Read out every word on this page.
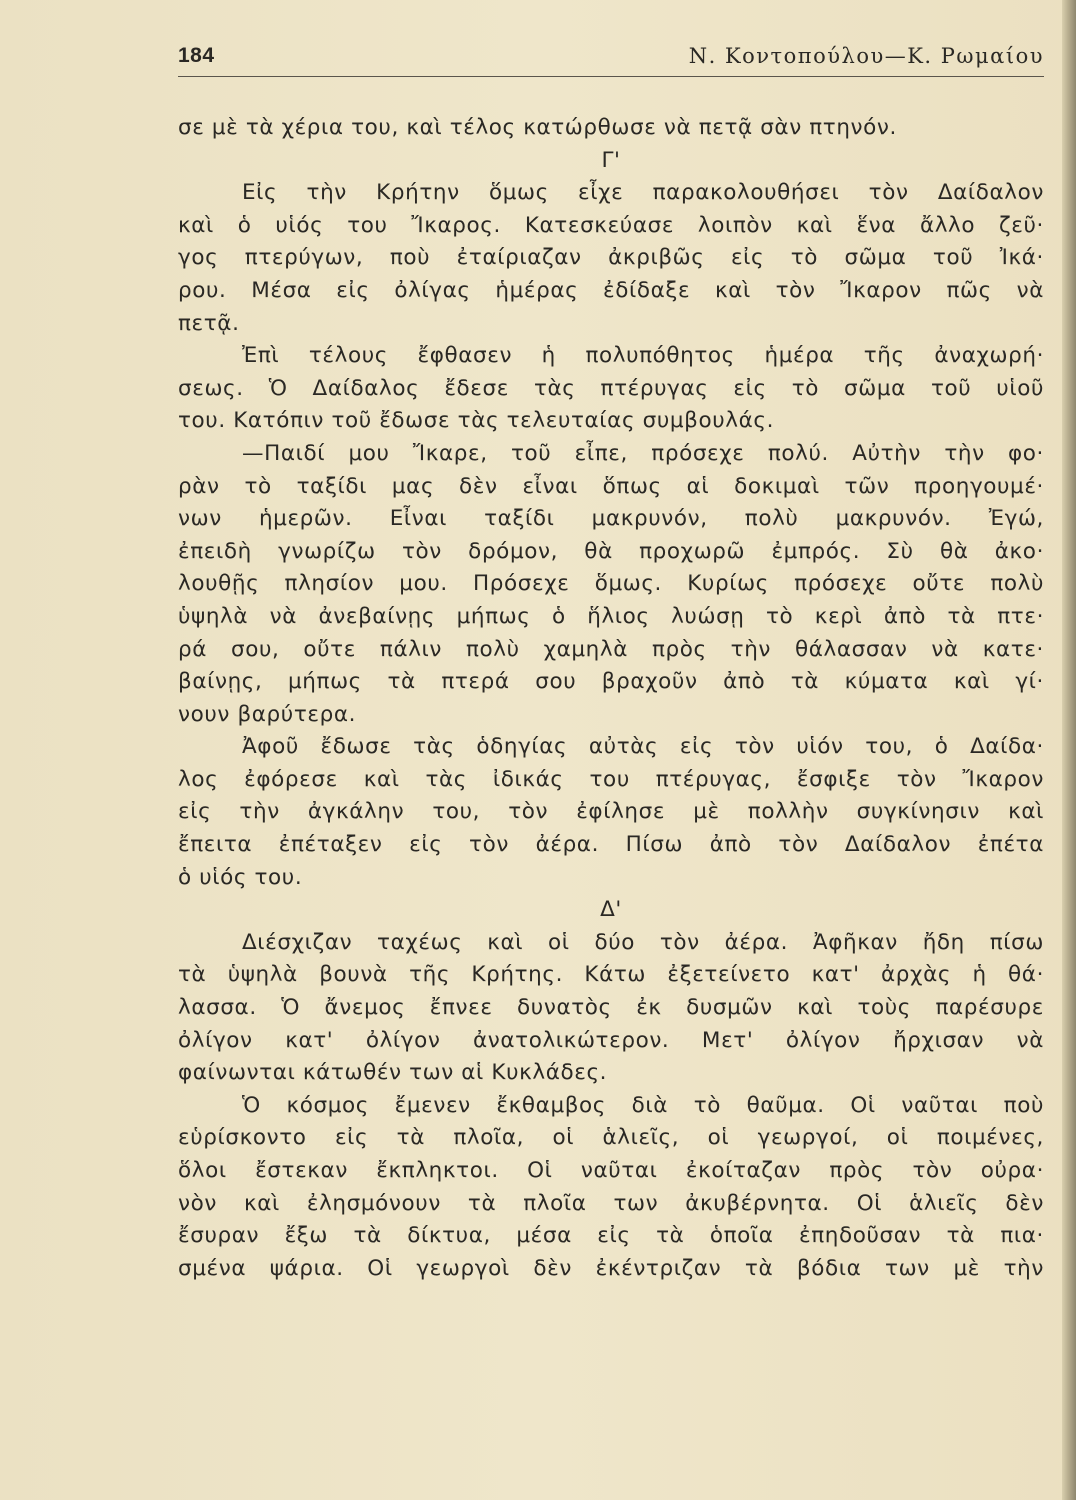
184	Ν. Κοντοπούλου—Κ. Ρωμαίου
σε μὲ τὰ χέρια του, καὶ τέλος κατώρθωσε νὰ πετᾷ σὰν πτηνόν.
Γ'
Εἰς τὴν Κρήτην ὅμως εἶχε παρακολουθήσει τὸν Δαίδαλον
καὶ ὁ υἱός του Ἴκαρος. Κατεσκεύασε λοιπὸν καὶ ἕνα ἄλλο ζεῦ·
γος πτερύγων, ποὺ ἐταίριαζαν ἀκριβῶς εἰς τὸ σῶμα τοῦ Ἰκά·
ρου. Μέσα εἰς ὀλίγας ἡμέρας ἐδίδαξε καὶ τὸν Ἴκαρον πῶς νὰ
πετᾷ.
Ἐπὶ τέλους ἔφθασεν ἡ πολυπόθητος ἡμέρα τῆς ἀναχωρή·
σεως. Ὁ Δαίδαλος ἔδεσε τὰς πτέρυγας εἰς τὸ σῶμα τοῦ υἱοῦ
του. Κατόπιν τοῦ ἔδωσε τὰς τελευταίας συμβουλάς.
—Παιδί μου Ἴκαρε, τοῦ εἶπε, πρόσεχε πολύ. Αὐτὴν τὴν φο·
ρὰν τὸ ταξίδι μας δὲν εἶναι ὅπως αἱ δοκιμαὶ τῶν προηγουμέ·
νων ἡμερῶν. Εἶναι ταξίδι μακρυνόν, πολὺ μακρυνόν. Ἐγώ,
ἐπειδὴ γνωρίζω τὸν δρόμον, θὰ προχωρῶ ἐμπρός. Σὺ θὰ ἀκο·
λουθῇς πλησίον μου. Πρόσεχε ὅμως. Κυρίως πρόσεχε οὔτε πολὺ
ὑψηλὰ νὰ ἀνεβαίνῃς μήπως ὁ ἥλιος λυώσῃ τὸ κερὶ ἀπὸ τὰ πτε·
ρά σου, οὔτε πάλιν πολὺ χαμηλὰ πρὸς τὴν θάλασσαν νὰ κατε·
βαίνῃς, μήπως τὰ πτερά σου βραχοῦν ἀπὸ τὰ κύματα καὶ γί·
νουν βαρύτερα.
Ἀφοῦ ἔδωσε τὰς ὁδηγίας αὐτὰς εἰς τὸν υἱόν του, ὁ Δαίδα·
λος ἐφόρεσε καὶ τὰς ἰδικάς του πτέρυγας, ἔσφιξε τὸν Ἴκαρον
εἰς τὴν ἀγκάλην του, τὸν ἐφίλησε μὲ πολλὴν συγκίνησιν καὶ
ἔπειτα ἐπέταξεν εἰς τὸν ἀέρα. Πίσω ἀπὸ τὸν Δαίδαλον ἐπέτα
ὁ υἱός του.
Δ'
Διέσχιζαν ταχέως καὶ οἱ δύο τὸν ἀέρα. Ἀφῆκαν ἤδη πίσω
τὰ ὑψηλὰ βουνὰ τῆς Κρήτης. Κάτω ἐξετείνετο κατ' ἀρχὰς ἡ θά·
λασσα. Ὁ ἄνεμος ἔπνεε δυνατὸς ἐκ δυσμῶν καὶ τοὺς παρέσυρε
ὀλίγον κατ' ὀλίγον ἀνατολικώτερον. Μετ' ὀλίγον ἤρχισαν νὰ
φαίνωνται κάτωθέν των αἱ Κυκλάδες.
Ὁ κόσμος ἔμενεν ἔκθαμβος διὰ τὸ θαῦμα. Οἱ ναῦται ποὺ
εὑρίσκοντο εἰς τὰ πλοῖα, οἱ ἁλιεῖς, οἱ γεωργοί, οἱ ποιμένες,
ὅλοι ἔστεκαν ἔκπληκτοι. Οἱ ναῦται ἐκοίταζαν πρὸς τὸν οὐρα·
νὸν καὶ ἐλησμόνουν τὰ πλοῖα των ἀκυβέρνητα. Οἱ ἁλιεῖς δὲν
ἔσυραν ἔξω τὰ δίκτυα, μέσα εἰς τὰ ὁποῖα ἐπηδοῦσαν τὰ πια·
σμένα ψάρια. Οἱ γεωργοὶ δὲν ἐκέντριζαν τὰ βόδια των μὲ τὴν
